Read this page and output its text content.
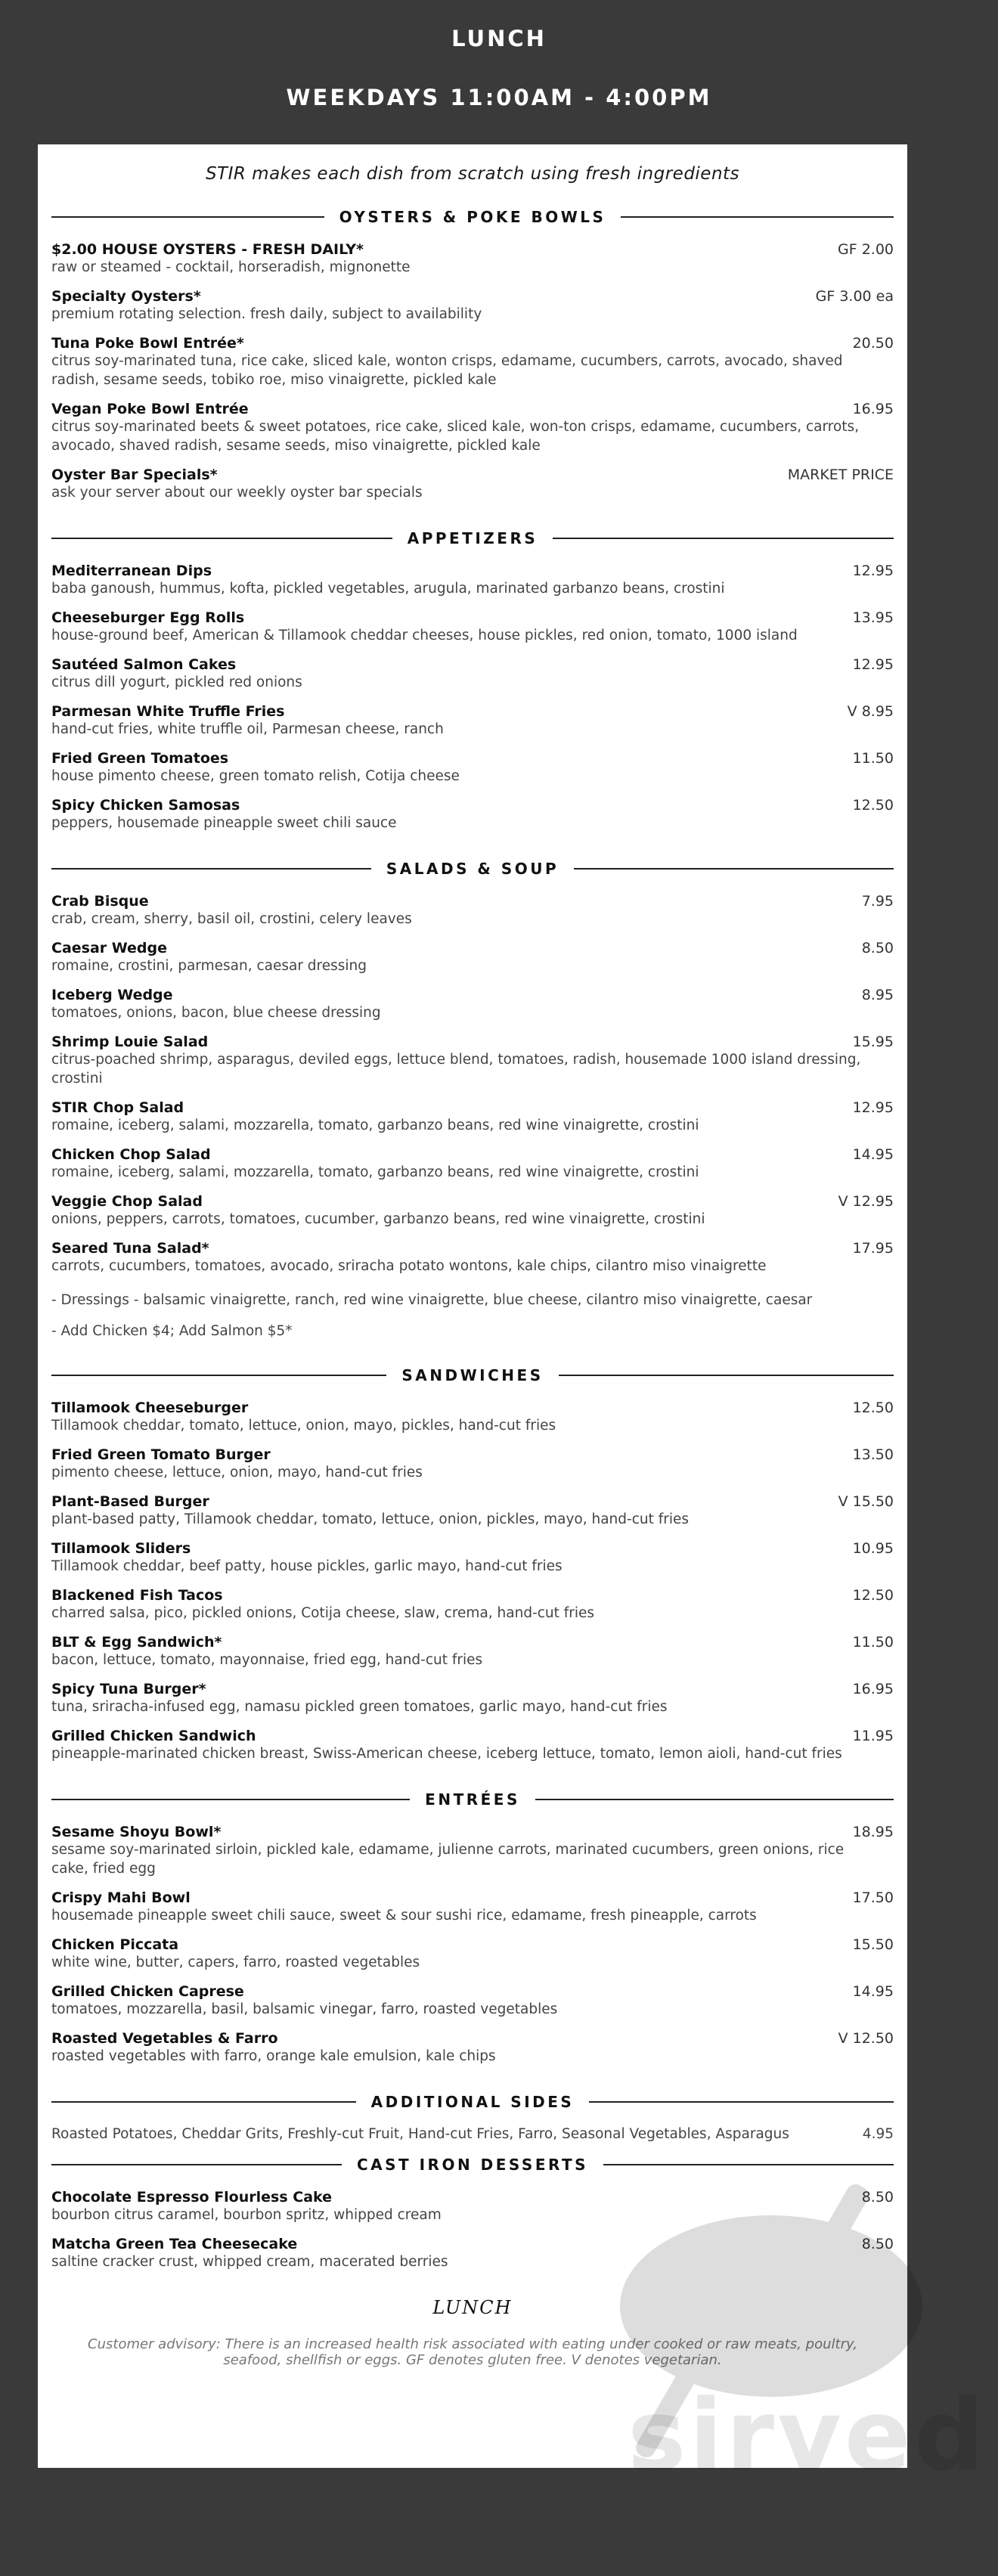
LUNCH
WEEKDAYS 11:00AM - 4:00PM
STIR makes each dish from scratch using fresh ingredients
OYSTERS & POKE BOWLS
$2.00 HOUSE OYSTERS - FRESH DAILY*	GF 2.00
raw or steamed - cocktail, horseradish, mignonette
Specialty Oysters*	GF 3.00 ea
premium rotating selection. fresh daily, subject to availability
Tuna Poke Bowl Entrée*	20.50
citrus soy-marinated tuna, rice cake, sliced kale, wonton crisps, edamame, cucumbers, carrots, avocado, shaved radish, sesame seeds, tobiko roe, miso vinaigrette, pickled kale
Vegan Poke Bowl Entrée	16.95
citrus soy-marinated beets & sweet potatoes, rice cake, sliced kale, won-ton crisps, edamame, cucumbers, carrots, avocado, shaved radish, sesame seeds, miso vinaigrette, pickled kale
Oyster Bar Specials*	MARKET PRICE
ask your server about our weekly oyster bar specials
APPETIZERS
Mediterranean Dips	12.95
baba ganoush, hummus, kofta, pickled vegetables, arugula, marinated garbanzo beans, crostini
Cheeseburger Egg Rolls	13.95
house-ground beef, American & Tillamook cheddar cheeses, house pickles, red onion, tomato, 1000 island
Sautéed Salmon Cakes	12.95
citrus dill yogurt, pickled red onions
Parmesan White Truffle Fries	V 8.95
hand-cut fries, white truffle oil, Parmesan cheese, ranch
Fried Green Tomatoes	11.50
house pimento cheese, green tomato relish, Cotija cheese
Spicy Chicken Samosas	12.50
peppers, housemade pineapple sweet chili sauce
SALADS & SOUP
Crab Bisque	7.95
crab, cream, sherry, basil oil, crostini, celery leaves
Caesar Wedge	8.50
romaine, crostini, parmesan, caesar dressing
Iceberg Wedge	8.95
tomatoes, onions, bacon, blue cheese dressing
Shrimp Louie Salad	15.95
citrus-poached shrimp, asparagus, deviled eggs, lettuce blend, tomatoes, radish, housemade 1000 island dressing, crostini
STIR Chop Salad	12.95
romaine, iceberg, salami, mozzarella, tomato, garbanzo beans, red wine vinaigrette, crostini
Chicken Chop Salad	14.95
romaine, iceberg, salami, mozzarella, tomato, garbanzo beans, red wine vinaigrette, crostini
Veggie Chop Salad	V 12.95
onions, peppers, carrots, tomatoes, cucumber, garbanzo beans, red wine vinaigrette, crostini
Seared Tuna Salad*	17.95
carrots, cucumbers, tomatoes, avocado, sriracha potato wontons, kale chips, cilantro miso vinaigrette
- Dressings - balsamic vinaigrette, ranch, red wine vinaigrette, blue cheese, cilantro miso vinaigrette, caesar
- Add Chicken $4; Add Salmon $5*
SANDWICHES
Tillamook Cheeseburger	12.50
Tillamook cheddar, tomato, lettuce, onion, mayo, pickles, hand-cut fries
Fried Green Tomato Burger	13.50
pimento cheese, lettuce, onion, mayo, hand-cut fries
Plant-Based Burger	V 15.50
plant-based patty, Tillamook cheddar, tomato, lettuce, onion, pickles, mayo, hand-cut fries
Tillamook Sliders	10.95
Tillamook cheddar, beef patty, house pickles, garlic mayo, hand-cut fries
Blackened Fish Tacos	12.50
charred salsa, pico, pickled onions, Cotija cheese, slaw, crema, hand-cut fries
BLT & Egg Sandwich*	11.50
bacon, lettuce, tomato, mayonnaise, fried egg, hand-cut fries
Spicy Tuna Burger*	16.95
tuna, sriracha-infused egg, namasu pickled green tomatoes, garlic mayo, hand-cut fries
Grilled Chicken Sandwich	11.95
pineapple-marinated chicken breast, Swiss-American cheese, iceberg lettuce, tomato, lemon aioli, hand-cut fries
ENTRÉES
Sesame Shoyu Bowl*	18.95
sesame soy-marinated sirloin, pickled kale, edamame, julienne carrots, marinated cucumbers, green onions, rice cake, fried egg
Crispy Mahi Bowl	17.50
housemade pineapple sweet chili sauce, sweet & sour sushi rice, edamame, fresh pineapple, carrots
Chicken Piccata	15.50
white wine, butter, capers, farro, roasted vegetables
Grilled Chicken Caprese	14.95
tomatoes, mozzarella, basil, balsamic vinegar, farro, roasted vegetables
Roasted Vegetables & Farro	V 12.50
roasted vegetables with farro, orange kale emulsion, kale chips
ADDITIONAL SIDES
Roasted Potatoes, Cheddar Grits, Freshly-cut Fruit, Hand-cut Fries, Farro, Seasonal Vegetables, Asparagus	4.95
CAST IRON DESSERTS
Chocolate Espresso Flourless Cake	8.50
bourbon citrus caramel, bourbon spritz, whipped cream
Matcha Green Tea Cheesecake	8.50
saltine cracker crust, whipped cream, macerated berries
LUNCH
Customer advisory: There is an increased health risk associated with eating under cooked or raw meats, poultry, seafood, shellfish or eggs. GF denotes gluten free. V denotes vegetarian.
sirved
